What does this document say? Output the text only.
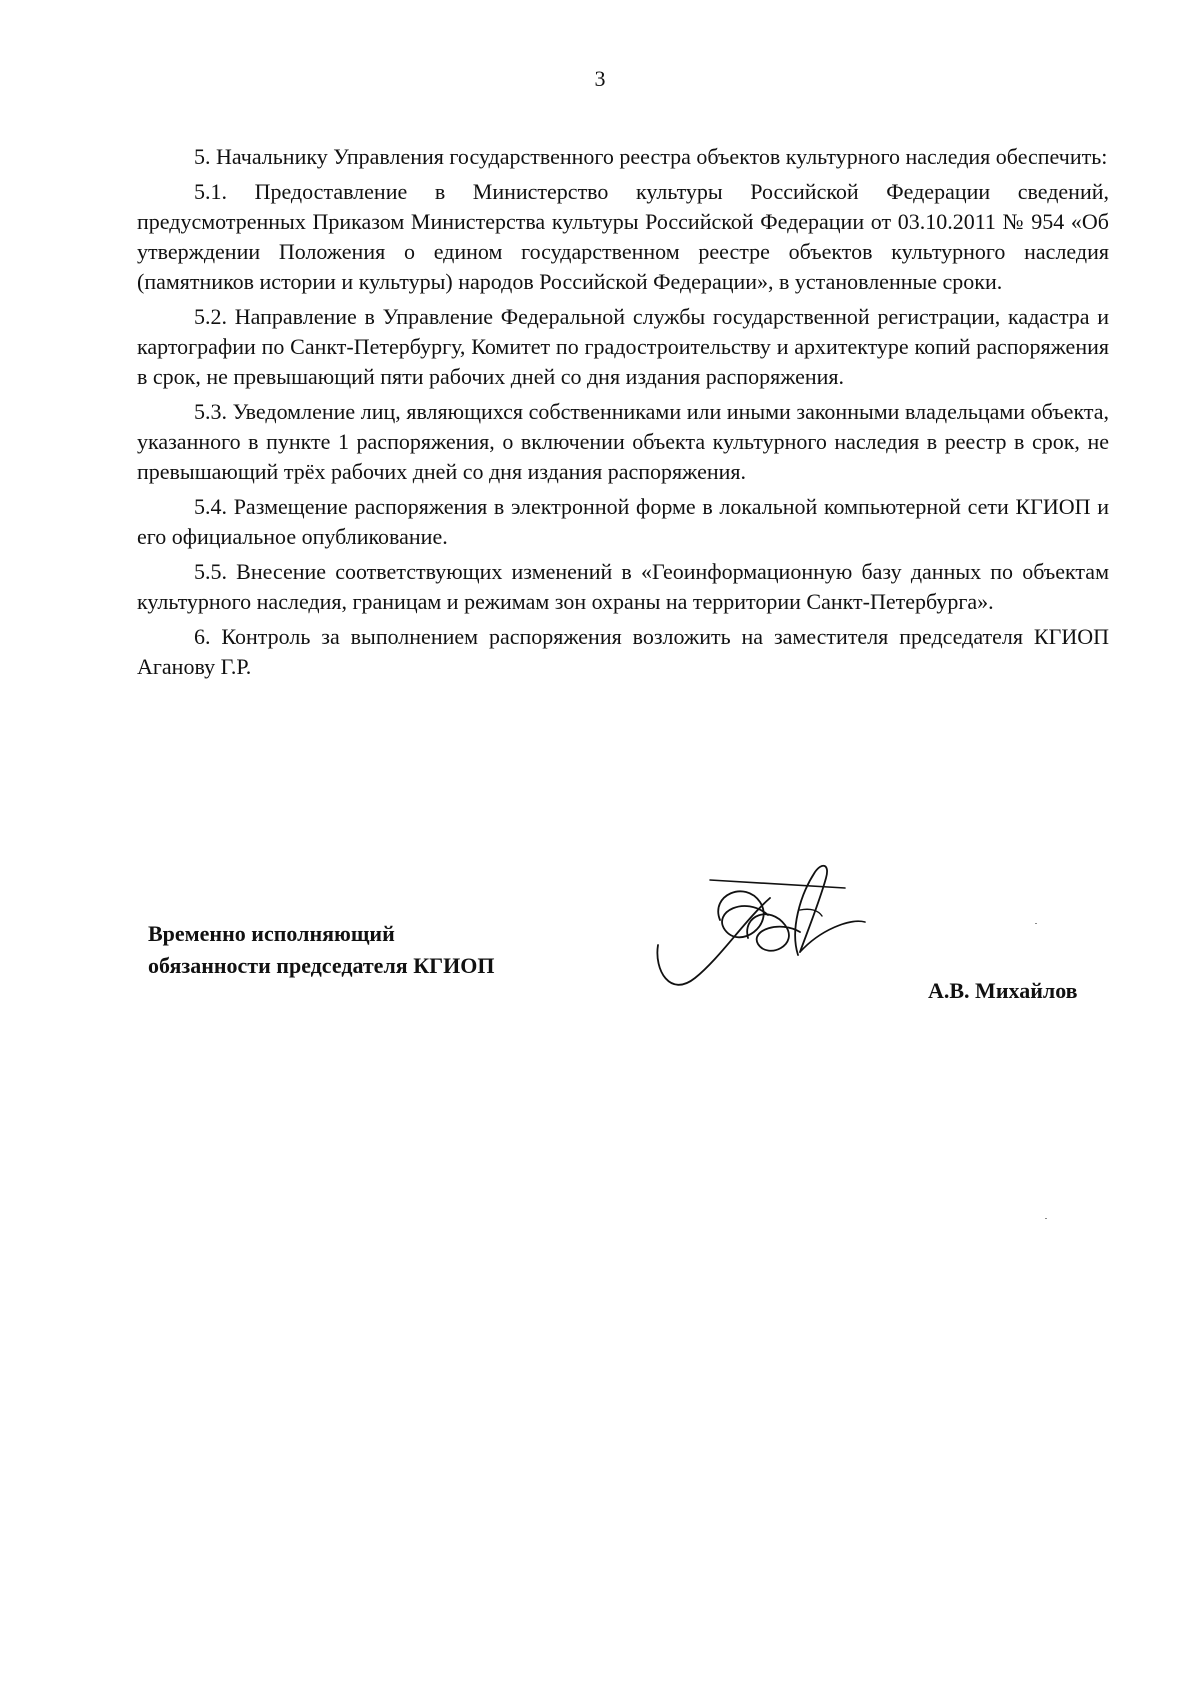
3

5. Начальнику Управления государственного реестра объектов культурного наследия обеспечить:

5.1. Предоставление в Министерство культуры Российской Федерации сведений, предусмотренных Приказом Министерства культуры Российской Федерации от 03.10.2011 № 954 «Об утверждении Положения о едином государственном реестре объектов культурного наследия (памятников истории и культуры) народов Российской Федерации», в установленные сроки.

5.2. Направление в Управление Федеральной службы государственной регистрации, кадастра и картографии по Санкт-Петербургу, Комитет по градостроительству и архитектуре копий распоряжения в срок, не превышающий пяти рабочих дней со дня издания распоряжения.

5.3. Уведомление лиц, являющихся собственниками или иными законными владельцами объекта, указанного в пункте 1 распоряжения, о включении объекта культурного наследия в реестр в срок, не превышающий трёх рабочих дней со дня издания распоряжения.

5.4. Размещение распоряжения в электронной форме в локальной компьютерной сети КГИОП и его официальное опубликование.

5.5. Внесение соответствующих изменений в «Геоинформационную базу данных по объектам культурного наследия, границам и режимам зон охраны на территории Санкт-Петербурга».

6. Контроль за выполнением распоряжения возложить на заместителя председателя КГИОП Аганову Г.Р.

Временно исполняющий
обязанности председателя КГИОП
А.В. Михайлов
